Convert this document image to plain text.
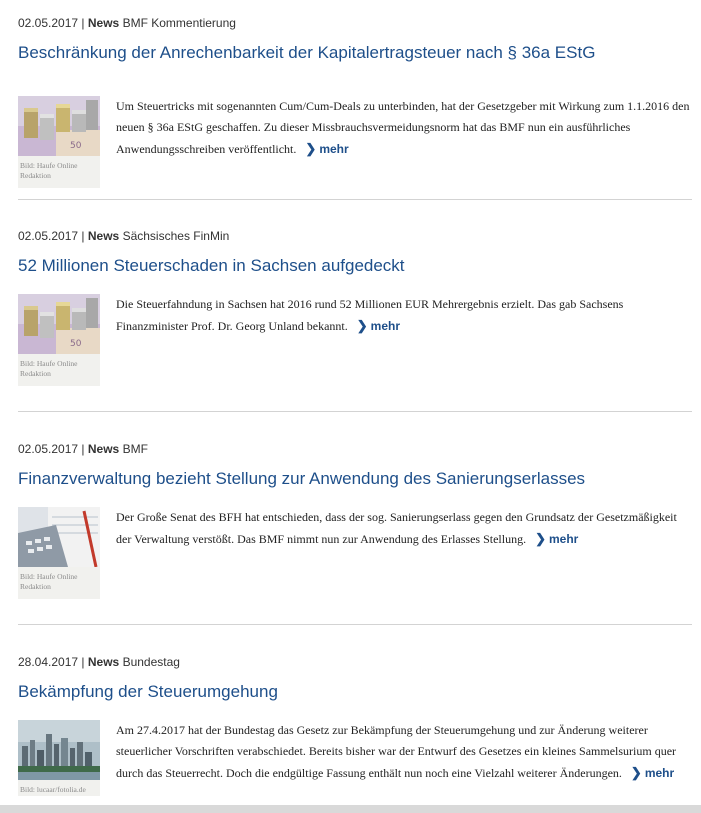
02.05.2017 | News BMF Kommentierung
Beschränkung der Anrechenbarkeit der Kapitalertragsteuer nach § 36a EStG
50
Bild: Haufe Online Redaktion
Um Steuertricks mit sogenannten Cum/Cum-Deals zu unterbinden, hat der Gesetzgeber mit Wirkung zum 1.1.2016 den neuen § 36a EStG geschaffen. Zu dieser Missbrauchsvermeidungsnorm hat das BMF nun ein ausführliches Anwendungsschreiben veröffentlicht. ❯ mehr
02.05.2017 | News Sächsisches FinMin
52 Millionen Steuerschaden in Sachsen aufgedeckt
50
Bild: Haufe Online Redaktion
Die Steuerfahndung in Sachsen hat 2016 rund 52 Millionen EUR Mehrergebnis erzielt. Das gab Sachsens Finanzminister Prof. Dr. Georg Unland bekannt. ❯ mehr
02.05.2017 | News BMF
Finanzverwaltung bezieht Stellung zur Anwendung des Sanierungserlasses
Bild: Haufe Online Redaktion
Der Große Senat des BFH hat entschieden, dass der sog. Sanierungserlass gegen den Grundsatz der Gesetzmäßigkeit der Verwaltung verstößt. Das BMF nimmt nun zur Anwendung des Erlasses Stellung. ❯ mehr
28.04.2017 | News Bundestag
Bekämpfung der Steuerumgehung
Bild: lucaar/fotolia.de
Am 27.4.2017 hat der Bundestag das Gesetz zur Bekämpfung der Steuerumgehung und zur Änderung weiterer steuerlicher Vorschriften verabschiedet. Bereits bisher war der Entwurf des Gesetzes ein kleines Sammelsurium quer durch das Steuerrecht. Doch die endgültige Fassung enthält nun noch eine Vielzahl weiterer Änderungen. ❯ mehr
